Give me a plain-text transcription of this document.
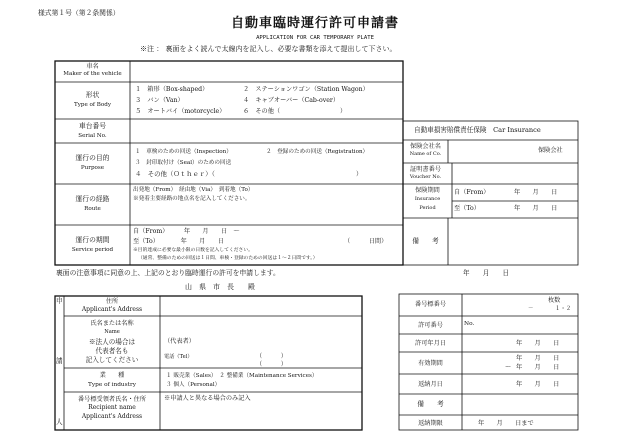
様式第１号（第２条関係）
自動車臨時運行許可申請書
APPLICATION FOR CAR TEMPORARY PLATE
※注 ： 裏面をよく読んで太線内を記入し、必要な書類を添えて提出して下さい。
車名
Maker of the vehicle
形状
Type of Body
１　箱形（Box-shaped）	２　ステーションワゴン（Station Wagon）
３　バン（Van）	４　キャブオーバー（Cab-over）
５　オートバイ（motorcycle）	６　その他（	）
車台番号
Serial No.
運行の目的
Purpose
１　車検のための回送（Inspection）	２　登録のための回送（Registration）
３　封印取付け（Seal）のための回送
４　その他（Ｏｔｈｅｒ）（	）
運行の経路
Route
出発地（From）　経由地（Via）　到着地（To）
※発着主要経路の地点名を記入してください。
運行の期間
Service period
自（From）　　　年　　月　　日　～
至（To）　　　　年　　月　　日	（　　　日間）
※目的達成に必要な最小限の日数を記入してください。
（通常、整備のための回送は１日間、車検・登録のための回送は１～２日間です。）
自動車損害賠償責任保険　Car Insurance
保険会社名
Name of Co.	保険会社
証明書番号
Voucher No.
保険期間
Insurance
Period
自（From）	年　　月　　日
至（To）	年　　月　　日
備　　考
裏面の注意事項に同意の上、上記のとおり臨時運行の許可を申請します。	年　　月　　日
山　県　市　長　　殿
申
請
人
住所
Applicant's Address
氏名または名称
Name
※法人の場合は
代表者名も
記入してください
（代表者）
電話（Tel）	（　　　）
（　　　）
業　　種
Type of industry
１ 販売業（Sales）　２ 整備業（Maintenance Services）
３ 個人（Personal）
番号標受領者氏名・住所
Recipient name
Applicant's Address
※申請人と異なる場合のみ記入
番号標番号
枚数
－	１・２
許可番号	No.
許可年月日	年　　月　　日
有効期間
年　　月　　日
～ 年　　月　　日
返納月日	年　　月　　日
備　　考
返納期限	年　　月　　日まで
